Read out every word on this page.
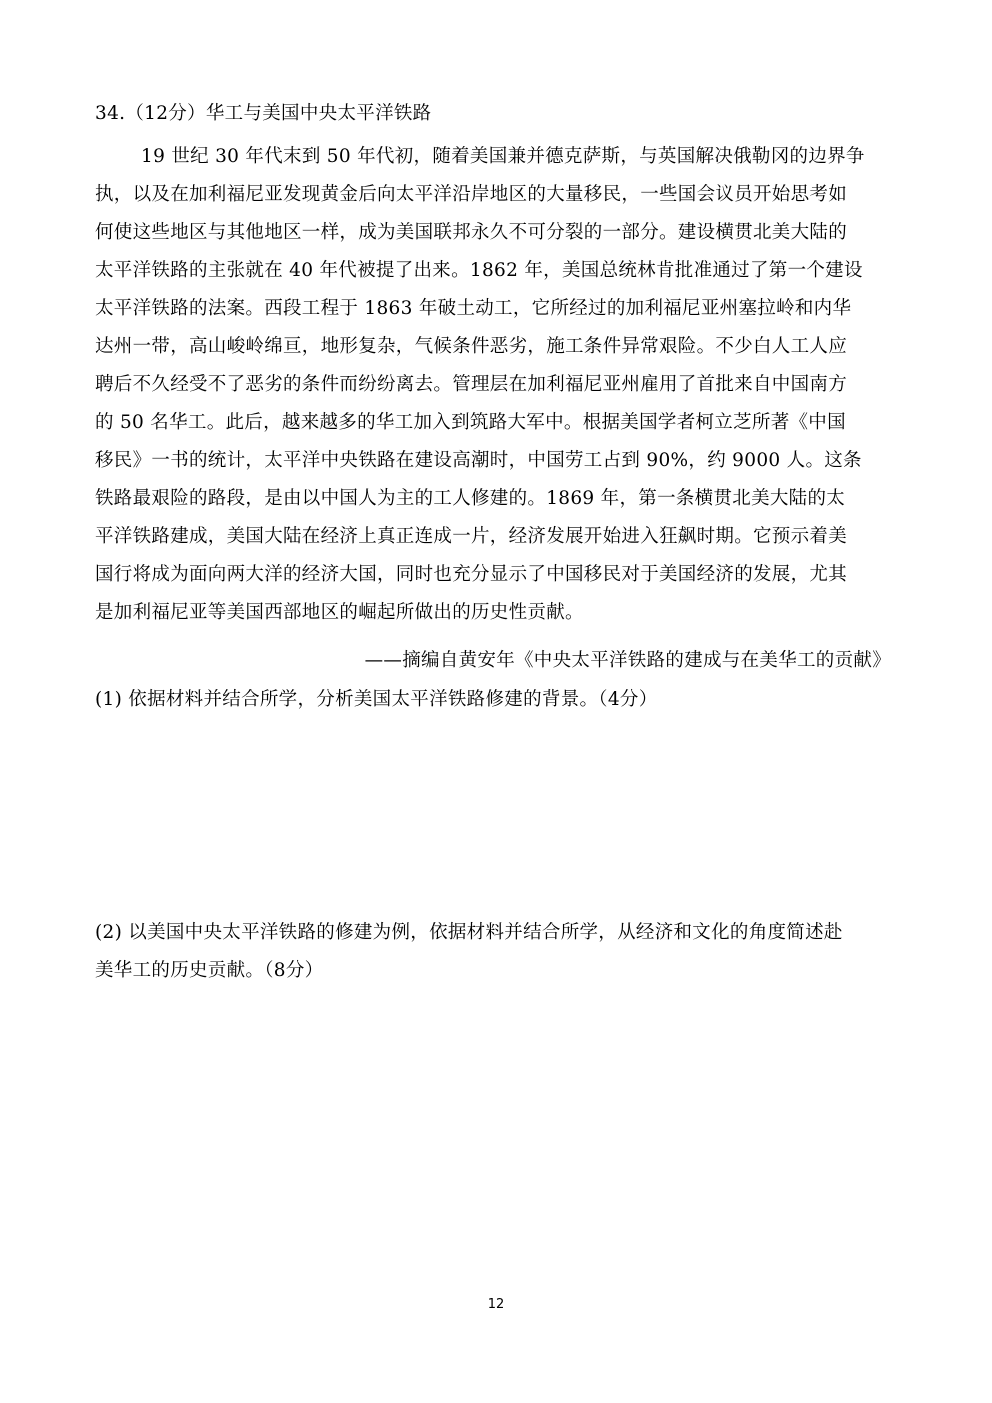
34.（12分）华工与美国中央太平洋铁路
19 世纪 30 年代末到 50 年代初，随着美国兼并德克萨斯，与英国解决俄勒冈的边界争
执，以及在加利福尼亚发现黄金后向太平洋沿岸地区的大量移民，一些国会议员开始思考如
何使这些地区与其他地区一样，成为美国联邦永久不可分裂的一部分。建设横贯北美大陆的
太平洋铁路的主张就在 40 年代被提了出来。1862 年，美国总统林肯批准通过了第一个建设
太平洋铁路的法案。西段工程于 1863 年破土动工，它所经过的加利福尼亚州塞拉岭和内华
达州一带，高山峻岭绵亘，地形复杂，气候条件恶劣，施工条件异常艰险。不少白人工人应
聘后不久经受不了恶劣的条件而纷纷离去。管理层在加利福尼亚州雇用了首批来自中国南方
的 50 名华工。此后，越来越多的华工加入到筑路大军中。根据美国学者柯立芝所著《中国
移民》一书的统计，太平洋中央铁路在建设高潮时，中国劳工占到 90%，约 9000 人。这条
铁路最艰险的路段，是由以中国人为主的工人修建的。1869 年，第一条横贯北美大陆的太
平洋铁路建成，美国大陆在经济上真正连成一片，经济发展开始进入狂飙时期。它预示着美
国行将成为面向两大洋的经济大国，同时也充分显示了中国移民对于美国经济的发展，尤其
是加利福尼亚等美国西部地区的崛起所做出的历史性贡献。
——摘编自黄安年《中央太平洋铁路的建成与在美华工的贡献》
(1) 依据材料并结合所学，分析美国太平洋铁路修建的背景。（4分）
(2) 以美国中央太平洋铁路的修建为例，依据材料并结合所学，从经济和文化的角度简述赴
美华工的历史贡献。（8分）
12
